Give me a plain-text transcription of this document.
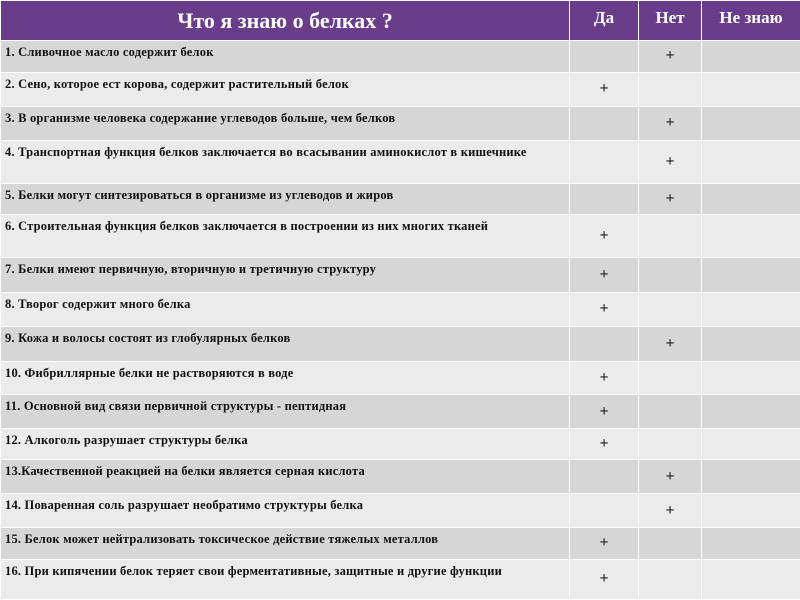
Что я знаю о белках ?	Да	Нет	Не знаю
1. Сливочное масло содержит белок		+	
2. Сено, которое ест корова, содержит растительный белок	+		
3. В организме человека содержание углеводов больше, чем белков		+	
4. Транспортная функция белков заключается во всасывании аминокислот в кишечнике		+	
5. Белки могут синтезироваться в организме из углеводов и жиров		+	
6. Строительная функция белков заключается в построении из них многих тканей	+		
7. Белки имеют первичную, вторичную и третичную структуру	+		
8. Творог содержит много белка	+		
9. Кожа и волосы состоят из глобулярных белков		+	
10. Фибриллярные белки не растворяются в воде	+		
11. Основной вид связи первичной структуры - пептидная	+		
12. Алкоголь разрушает структуры белка	+		
13.Качественной реакцией на белки является серная кислота		+	
14. Поваренная соль разрушает необратимо структуры белка		+	
15. Белок может нейтрализовать токсическое действие тяжелых металлов	+		
16. При кипячении белок теряет свои ферментативные, защитные и другие функции	+		
